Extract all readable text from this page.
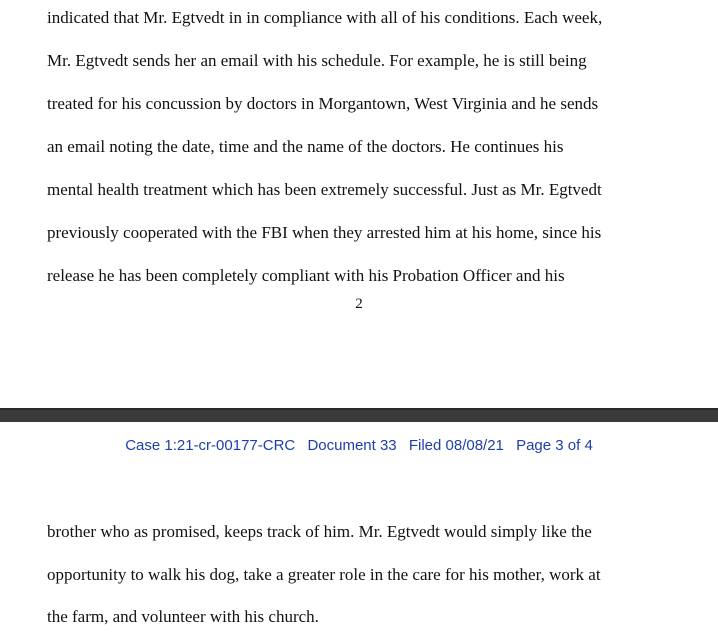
indicated that Mr. Egtvedt in in compliance with all of his conditions. Each week,
Mr. Egtvedt sends her an email with his schedule. For example, he is still being
treated for his concussion by doctors in Morgantown, West Virginia and he sends
an email noting the date, time and the name of the doctors. He continues his
mental health treatment which has been extremely successful. Just as Mr. Egtvedt
previously cooperated with the FBI when they arrested him at his home, since his
release he has been completely compliant with his Probation Officer and his
2
Case 1:21-cr-00177-CRC Document 33 Filed 08/08/21 Page 3 of 4
brother who as promised, keeps track of him. Mr. Egtvedt would simply like the
opportunity to walk his dog, take a greater role in the care for his mother, work at
the farm, and volunteer with his church.
